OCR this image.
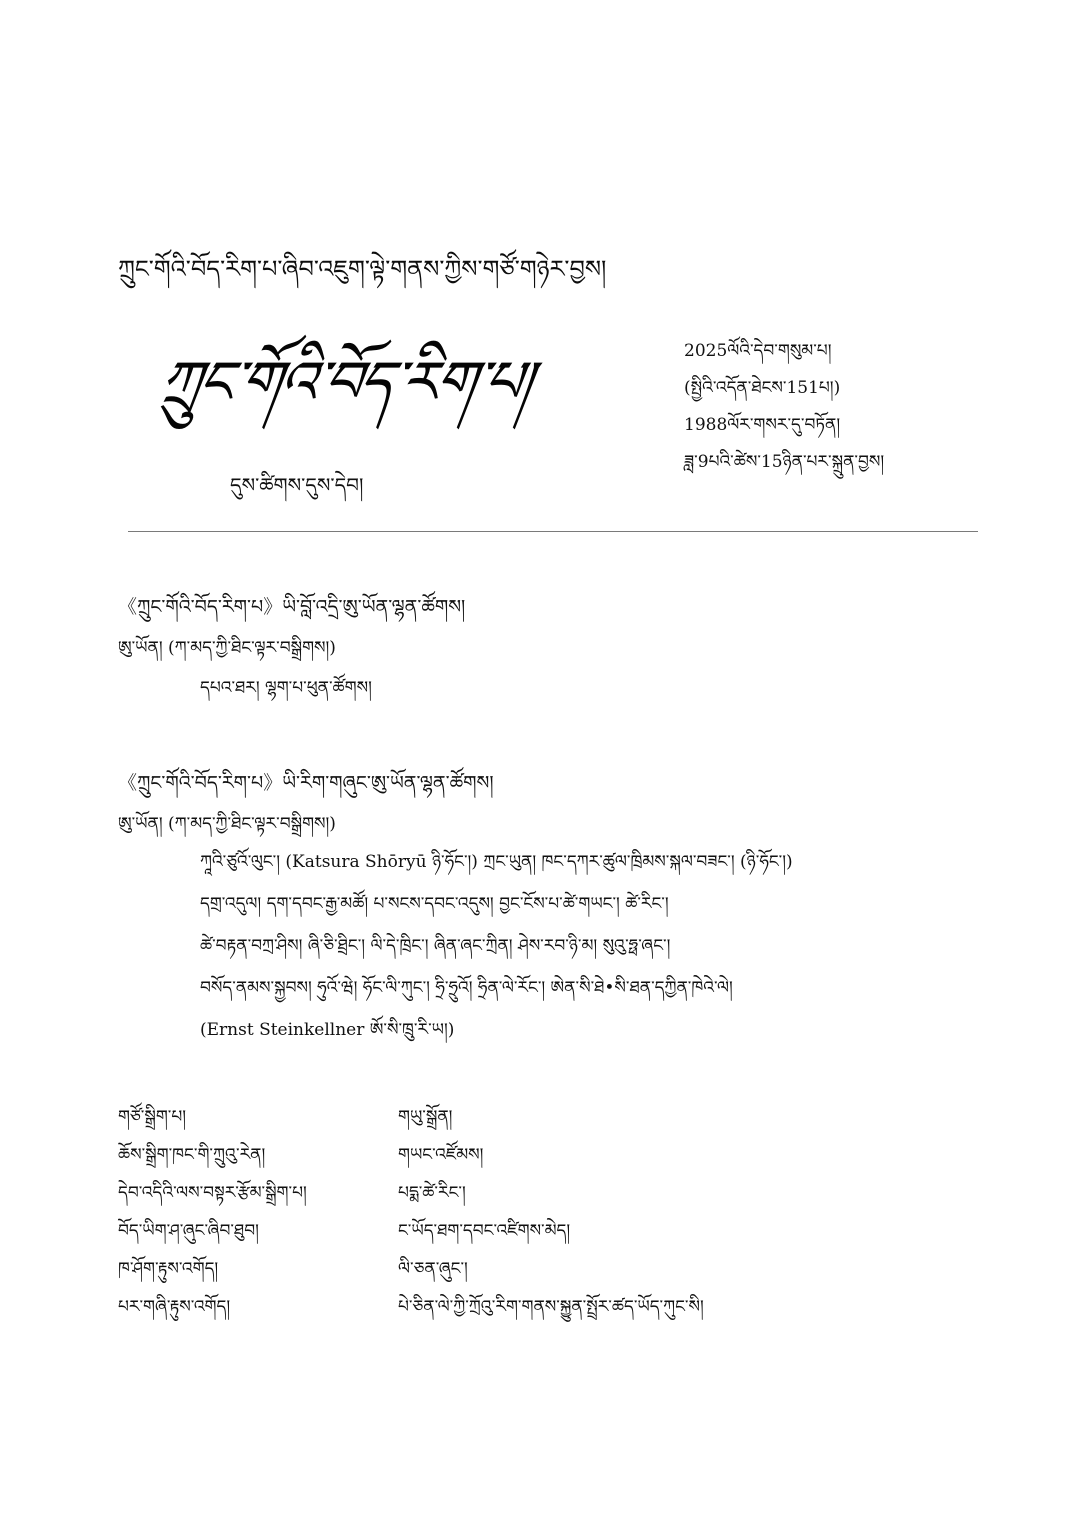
ཀྲུང་གོའི་བོད་རིག་པ་ཞིབ་འཇུག་ལྟེ་གནས་ཀྱིས་གཙོ་གཉེར་བྱས།
ཀྲུང་གོའི་བོད་རིག་པ།
དུས་ཚིགས་དུས་དེབ།
2025ལོའི་དེབ་གསུམ་པ།
(སྤྱིའི་འདོན་ཐེངས་151པ།)
1988ལོར་གསར་དུ་བཏོན།
ཟླ་9པའི་ཚེས་15ཉིན་པར་སྐྲུན་བྱས།
《ཀྲུང་གོའི་བོད་རིག་པ》ཡི་བློ་འདྲི་ཨུ་ཡོན་ལྷན་ཚོགས།
ཨུ་ཡོན། (ཀ་མད་ཀྱི་ཐིང་ལྟར་བསྒྲིགས།)
དཔའ་ཐར། ལྷག་པ་ཕུན་ཚོགས།
《ཀྲུང་གོའི་བོད་རིག་པ》ཡི་རིག་གཞུང་ཨུ་ཡོན་ལྷན་ཚོགས།
ཨུ་ཡོན། (ཀ་མད་ཀྱི་ཐིང་ལྟར་བསྒྲིགས།)
ཀཱའི་ཙུའོ་ལུང་། (Katsura Shōryū ཉི་ཧོང་།) ཀྲང་ཡུན། ཁང་དཀར་ཚུལ་ཁྲིམས་སྐལ་བཟང་། (ཉི་ཧོང་།)
དགྲ་འདུལ། དག་དབང་རྒྱ་མཚོ། པ་སངས་དབང་འདུས། བྱང་ངོས་པ་ཚེ་གཡང་། ཚེ་རིང་།
ཚེ་བརྟན་བཀྲ་ཤིས། ཞི་ཅི་ཐྲིང་། ལི་དེ་ཁྲིང་། ཞིན་ཞང་ཀྲིན། ཤེས་རབ་ཉི་མ། སུའུ་ཧྥ་ཞང་།
བསོད་ནམས་སྐྱབས། ཧུའོ་ཝེ། ཧོང་ལི་ཀུང་། ཧྲི་ཧྲུའོ། ཧྲིན་ལེ་རོང་། ཨེན་སི་ཐེ•སི་ཐན་དཀྱིན་ཁེའེ་ལེ།
(Ernst Steinkellner ཨོ་སི་ཁྲུ་རི་ཡ།)
གཙོ་སྒྲིག་པ།	གཡུ་སྒྲོན།
ཆོས་སྒྲིག་ཁང་གི་ཀྲུའུ་རེན།	གཡང་འཛོམས།
དེབ་འདིའི་ལས་བསྟར་རྩོམ་སྒྲིག་པ།	པདྨ་ཚེ་རིང་།
བོད་ཡིག་ཤ་ཞུང་ཞིབ་ཐུབ།	ང་ཡོད་ཐག་དབང་འཛིགས་མེད།
ཁ་ཤོག་རྟུས་འགོད།	ལི་ཅན་ཞུང་།
པར་གཞི་རྟུས་འགོད།	པེ་ཅིན་ལེ་ཀྱི་ཀྲོའུ་རིག་གནས་སྐྱུན་སྤྲོར་ཚད་ཡོད་ཀུང་སི།
